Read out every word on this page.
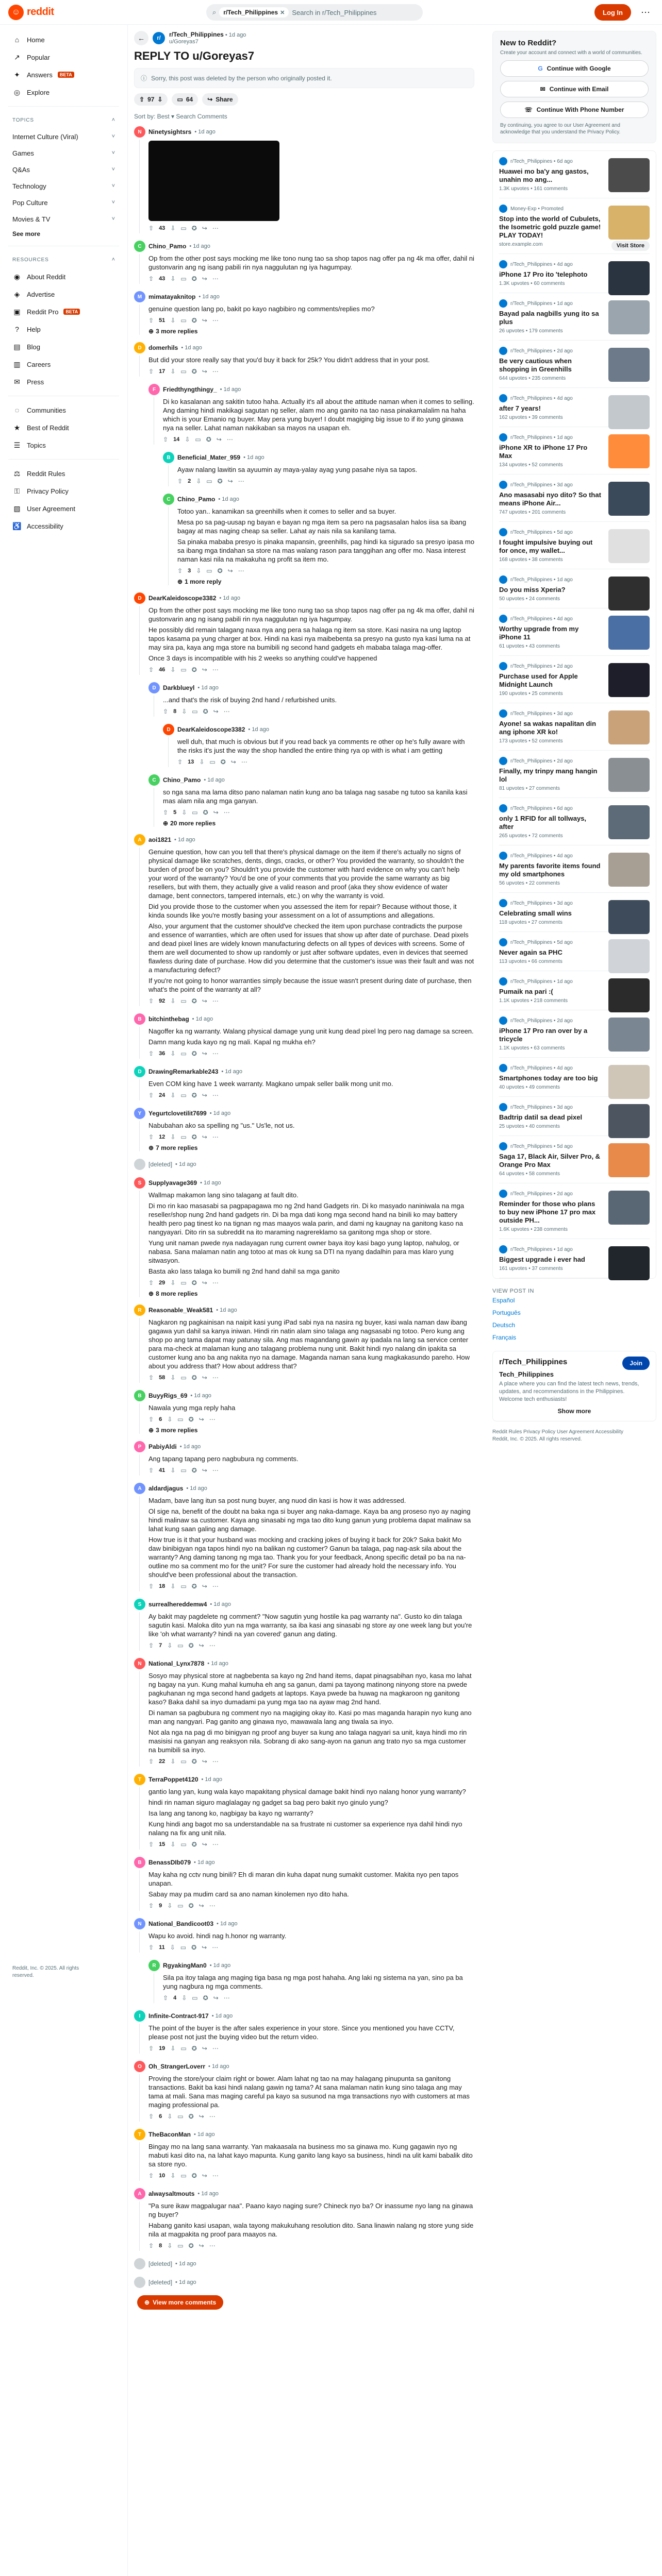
☺ reddit	⌕ r/Tech_Philippines ✕ Search in r/Tech_Philippines	Log In	⋯
⌂	Home
↗ Popular
✦ Answers	BETA
◎ Explore
TOPICS	˄
Internet Culture (Viral)	˅
Games	˅
Q&As	˅
Technology	˅
Pop Culture	˅
Movies & TV	˅
See more
RESOURCES	˄
◉ About Reddit
◈ Advertise
▣ Reddit Pro	BETA
?	Help
▤ Blog
▥ Careers
✉ Press
◌	Communities
★ Best of Reddit
☰ Topics
⚖ Reddit Rules
⚿ Privacy Policy
▧ User Agreement
♿ Accessibility
Reddit, Inc. © 2025. All rights reserved.
←	r/
r/Tech_Philippines • 1d ago
u/Goreyas7
REPLY TO u/Goreyas7
ⓘ Sorry, this post was deleted by the person who originally posted it.
⇧ 97 ⇩ ▭ 64 ↪ Share
Sort by: Best ▾ Search Comments
N	Ninetysightsrs • 1d ago
⇧ 43 ⇩ ▭ ✪ ↪ ⋯
C	Chino_Pamo • 1d ago

Op from the other post says mocking me like tono nung tao sa shop tapos nag offer pa ng 4k ma offer, dahil ni gustonvarin ang ng isang pabili rin nya naggulutan ng iya hagumpay.

⇧ 43 ⇩ ▭ ✪ ↪ ⋯
M	mimatayaknitop • 1d ago

genuine question lang po, bakit po kayo nagbibiro ng comments/replies mo?

⇧ 51 ⇩ ▭ ✪ ↪ ⋯
⊕ 3 more replies
D	domerhils • 1d ago

But did your store really say that you'd buy it back for 25k? You didn't address that in your post.

⇧ 17 ⇩ ▭ ✪ ↪ ⋯
F	Friedthyngthingy_ • 1d ago

Di ko kasalanan ang sakitin tutoo haha. Actually it's all about the attitude naman when it comes to selling. Ang daming hindi makikagi sagutan ng seller, alam mo ang ganito na tao nasa pinakamalalim na haha which is your Emanio ng buyer. May pera yung buyer! I doubt magiging big issue to if ito yung ginawa nya na seller. Lahat naman nakikaban sa mayos na usapan eh.

⇧ 14 ⇩ ▭ ✪ ↪ ⋯
B	Beneficial_Mater_959 • 1d ago

Ayaw nalang lawitin sa ayuumin ay maya-yalay ayag yung pasahe niya sa tapos.

⇧ 2 ⇩ ▭ ✪ ↪ ⋯
C	Chino_Pamo • 1d ago

Totoo yan.. kanamikan sa greenhills when it comes to seller and sa buyer.

Mesa po sa pag-uusap ng bayan e bayan ng mga item sa pero na pagsasalan halos iisa sa ibang bagay at mas naging cheap sa seller. Lahat ay nais nila sa kanilang tama.

Sa pinaka mababa presyo is pinaka mapansin, greenhills, pag hindi ka sigurado sa presyo ipasa mo sa ibang mga tindahan sa store na mas walang rason para tanggihan ang offer mo. Nasa interest naman kasi nila na makakuha ng profit sa item mo.

⇧ 3 ⇩ ▭ ✪ ↪ ⋯
⊕ 1 more reply
D	DearKaleidoscope3382 • 1d ago

Op from the other post says mocking me like tono nung tao sa shop tapos nag offer pa ng 4k ma offer, dahil ni gustonvarin ang ng isang pabili rin nya naggulutan ng iya hagumpay.

He possibly did remain talagang naxa nya ang pera sa halaga ng item sa store. Kasi nasira na ung laptop tapos kasama pa yung charger at box. Hindi na kasi nya maibebenta sa presyo na gusto nya kasi luma na at may sira pa, kaya ang mga store na bumibili ng second hand gadgets eh mababa talaga mag-offer.

Once 3 days is incompatible with his 2 weeks so anything could've happened

⇧ 46 ⇩ ▭ ✪ ↪ ⋯
D	Darkblueyl • 1d ago

...and that's the risk of buying 2nd hand / refurbished units.

⇧ 8 ⇩ ▭ ✪ ↪ ⋯
D	DearKaleidoscope3382 • 1d ago

well duh, that much is obvious but if you read back ya comments re other op he's fully aware with the risks it's just the way the shop handled the entire thing rya op with is what i am getting

⇧ 13 ⇩ ▭ ✪ ↪ ⋯
C	Chino_Pamo • 1d ago

so nga sana ma lama ditso pano nalaman natin kung ano ba talaga nag sasabe ng tutoo sa kanila kasi mas alam nila ang mga ganyan.

⇧ 5 ⇩ ▭ ✪ ↪ ⋯
⊕ 20 more replies
A	aoi1821 • 1d ago

Genuine question, how can you tell that there's physical damage on the item if there's actually no signs of physical damage like scratches, dents, dings, cracks, or other? You provided the warranty, so shouldn't the burden of proof be on you? Shouldn't you provide the customer with hard evidence on why you can't help your word of the warranty? You'd be one of your comments that you provide the same warranty as big resellers, but with them, they actually give a valid reason and proof (aka they show evidence of water damage, bent connectors, tampered internals, etc.) on why the warranty is void.

Did you provide those to the customer when you assessed the item for repair? Because without those, it kinda sounds like you're mostly basing your assessment on a lot of assumptions and allegations.

Also, your argument that the customer should've checked the item upon purchase contradicts the purpose and essence of warranties, which are often used for issues that show up after date of purchase. Dead pixels and dead pixel lines are widely known manufacturing defects on all types of devices with screens. Some of them are well documented to show up randomly or just after software updates, even in devices that seemed flawless during date of purchase. How did you determine that the customer's issue was their fault and was not a manufacturing defect?

If you're not going to honor warranties simply because the issue wasn't present during date of purchase, then what's the point of the warranty at all?

⇧ 92 ⇩ ▭ ✪ ↪ ⋯
B	bitchinthebag • 1d ago

Nagoffer ka ng warranty. Walang physical damage yung unit kung dead pixel lng pero nag damage sa screen.

Damn mang kuda kayo ng ng mali. Kapal ng mukha eh?

⇧ 36 ⇩ ▭ ✪ ↪ ⋯
D	DrawingRemarkable243 • 1d ago

Even COM king have 1 week warranty. Magkano umpak seller balik mong unit mo.

⇧ 24 ⇩ ▭ ✪ ↪ ⋯
Y	Yegurtclovetilit7699 • 1d ago

Nabubahan ako sa spelling ng "us." Us'le, not us.

⇧ 12 ⇩ ▭ ✪ ↪ ⋯
⊕ 7 more replies
[deleted] • 1d ago
S	Supplyavage369 • 1d ago

Wallmap makamon lang sino talagang at fault dito.

Di mo rin kao masasabi sa pagpapagawa mo ng 2nd hand Gadgets rin. Di ko masyado naniniwala na mga reseller/shop nung 2nd hand gadgets rin. Di ba mga dati kong mga second hand na binili ko may battery health pero pag tinest ko na tignan ng mas maayos wala parin, and dami ng kaugnay na ganitong kaso na nangyayari. Dito rin sa subreddit na ito maraming nagrereklamo sa ganitong mga shop or store.

Yung unit naman pwede nya nadayagan rung current owner baya itoy kasi bago yung laptop, nahulog, or nabasa. Sana malaman natin ang totoo at mas ok kung sa DTI na nyang dadalhin para mas klaro yung sitwasyon.

Basta ako lass talaga ko bumili ng 2nd hand dahil sa mga ganito

⇧ 29 ⇩ ▭ ✪ ↪ ⋯
⊕ 8 more replies
R	Reasonable_Weak581 • 1d ago

Nagkaron ng pagkainisan na naipit kasi yung iPad sabi nya na nasira ng buyer, kasi wala naman daw ibang gagawa yun dahil sa kanya iniwan. Hindi rin natin alam sino talaga ang nagsasabi ng totoo. Pero kung ang shop po ang tama dapat may patunay sila. Ang mas magandang gawin ay ipadala na lang sa service center para ma-check at malaman kung ano talagang problema nung unit. Bakit hindi nyo nalang din ipakita sa customer kung ano ba ang nakita nyo na damage. Maganda naman sana kung magkakasundo pareho. How about you address that? How about address that?

⇧ 58 ⇩ ▭ ✪ ↪ ⋯
B	BuyyRigs_69 • 1d ago

Nawala yung mga reply haha

⇧ 6 ⇩ ▭ ✪ ↪ ⋯
⊕ 3 more replies
P	PabiyAldi • 1d ago

Ang tapang tapang pero nagbubura ng comments.

⇧ 41 ⇩ ▭ ✪ ↪ ⋯
A	aldardjagus • 1d ago

Madam, bave lang itun sa post nung buyer, ang nuod din kasi is how it was addressed.

Ol sige na, benefit of the doubt na baka nga si buyer ang naka-damage. Kaya ba ang proseso nyo ay naging hindi malinaw sa customer. Kaya ang sinasabi ng mga tao dito kung ganun yung problema dapat malinaw sa lahat kung saan galing ang damage.

How true is it that your husband was mocking and cracking jokes of buying it back for 20k? Saka bakit Mo daw binibigyan nga tapos hindi nyo na balikan ng customer? Ganun ba talaga, pag nag-ask sila about the warranty? Ang daming tanong ng mga tao. Thank you for your feedback, Anong specific detail po ba na na-outline mo sa comment mo for the unit? For sure the customer had already hold the necessary info. You should've been professional about the transaction.

⇧ 18 ⇩ ▭ ✪ ↪ ⋯
S	surrealhereddemw4 • 1d ago

Ay bakit may pagdelete ng comment? "Now sagutin yung hostile ka pag warranty na". Gusto ko din talaga sagutin kasi. Maloka dito yun na mga warranty, sa iba kasi ang sinasabi ng store ay one week lang but you're like 'oh what warranty? hindi na yan covered' ganun ang dating.

⇧ 7 ⇩ ▭ ✪ ↪ ⋯
N	National_Lynx7878 • 1d ago

Sosyo may physical store at nagbebenta sa kayo ng 2nd hand items, dapat pinagsabihan nyo, kasa mo lahat ng bagay na yun. Kung mahal kumuha eh ang sa ganun, dami pa tayong matinong ninyong store na pwede pagkuhanan ng mga second hand gadgets at laptops. Kaya pwede ba huwag na magkaroon ng ganitong kaso? Baka dahil sa inyo dumadami pa yung mga tao na ayaw mag 2nd hand.

Di naman sa pagbubura ng comment nyo na magiging okay ito. Kasi po mas maganda harapin nyo kung ano man ang nangyari. Pag ganito ang ginawa nyo, mawawala lang ang tiwala sa inyo.

Not ala nga na pag di mo binigyan ng proof ang buyer sa kung ano talaga nagyari sa unit, kaya hindi mo rin masisisi na ganyan ang reaksyon nila. Sobrang di ako sang-ayon na ganun ang trato nyo sa mga customer na bumibili sa inyo.

⇧ 22 ⇩ ▭ ✪ ↪ ⋯
T	TerraPoppet4120 • 1d ago

gantio lang yan, kung wala kayo mapakitang physical damage bakit hindi nyo nalang honor yung warranty?

hindi rin naman siguro maglalagay ng gadget sa bag pero bakit nyo ginulo yung?

Isa lang ang tanong ko, nagbigay ba kayo ng warranty?

Kung hindi ang bagot mo sa understandable na sa frustrate ni customer sa experience nya dahil hindi nyo nalang na fix ang unit nila.

⇧ 15 ⇩ ▭ ✪ ↪ ⋯
B	BenassDIb079 • 1d ago

May kaha ng cctv nung binili? Eh di maran din kuha dapat nung sumakit customer. Makita nyo pen tapos unapan.

Sabay may pa mudim card sa ano naman kinolemen nyo dito haha.

⇧ 9 ⇩ ▭ ✪ ↪ ⋯
N	National_Bandicoot03 • 1d ago

Wapu ko avoid. hindi nag h.honor ng warranty.

⇧ 11 ⇩ ▭ ✪ ↪ ⋯
R	RgyakingMan0 • 1d ago

Sila pa itoy talaga ang maging tiga basa ng mga post hahaha. Ang laki ng sistema na yan, sino pa ba yung nagbura ng mga comments.

⇧ 4 ⇩ ▭ ✪ ↪ ⋯
I	Infinite-Contract-917 • 1d ago

The point of the buyer is the after sales experience in your store. Since you mentioned you have CCTV, please post not just the buying video but the return video.

⇧ 19 ⇩ ▭ ✪ ↪ ⋯
O	Oh_StrangerLoverr • 1d ago

Proving the store/your claim right or bower. Alam lahat ng tao na may halagang pinupunta sa ganitong transactions. Bakit ba kasi hindi nalang gawin ng tama? At sana malaman natin kung sino talaga ang may tama at mali. Sana mas maging careful pa kayo sa susunod na mga transactions nyo with customers at mas maging professional pa.

⇧ 6 ⇩ ▭ ✪ ↪ ⋯
T	TheBaconMan • 1d ago

Bingay mo na lang sana warranty. Yan makaasala na business mo sa ginawa mo. Kung gagawin nyo ng mabuti kasi dito na, na lahat kayo mapunta. Kung ganito lang kayo sa business, hindi na ulit kami babalik dito sa store nyo.

⇧ 10 ⇩ ▭ ✪ ↪ ⋯
A	alwaysaltmouts • 1d ago

"Pa sure ikaw magpalugar naa". Paano kayo naging sure? Chineck nyo ba? Or inassume nyo lang na ginawa ng buyer?

Habang ganito kasi usapan, wala tayong makukuhang resolution dito. Sana linawin nalang ng store yung side nila at magpakita ng proof para maayos na.

⇧ 8 ⇩ ▭ ✪ ↪ ⋯
[deleted] • 1d ago
[deleted] • 1d ago
⊕ View more comments
New to Reddit?
Create your account and connect with a world of communities.
G Continue with Google
✉ Continue with Email
☏ Continue With Phone Number
By continuing, you agree to our User Agreement and acknowledge that you understand the Privacy Policy.
r/Tech_Philippines • 6d ago
Huawei mo ba'y ang gastos, unahin mo ang...
1.3K upvotes • 161 comments
Money-Exp • Promoted
Stop into the world of Cubulets, the Isometric gold puzzle game! PLAY TODAY!
store.example.com	Visit Store
r/Tech_Philippines • 4d ago
iPhone 17 Pro ito 'telephoto
1.3K upvotes • 60 comments
r/Tech_Philippines • 1d ago
Bayad pala nagbills yung ito sa plus
26 upvotes • 179 comments
r/Tech_Philippines • 2d ago
Be very cautious when shopping in Greenhills
644 upvotes • 235 comments
r/Tech_Philippines • 4d ago
after 7 years!
162 upvotes • 39 comments
r/Tech_Philippines • 1d ago
iPhone XR to iPhone 17 Pro Max
134 upvotes • 52 comments
r/Tech_Philippines • 3d ago
Ano masasabi nyo dito? So that means iPhone Air...
747 upvotes • 201 comments
r/Tech_Philippines • 5d ago
I fought impulsive buying out for once, my wallet...
168 upvotes • 38 comments
r/Tech_Philippines • 1d ago
Do you miss Xperia?
50 upvotes • 24 comments
r/Tech_Philippines • 4d ago
Worthy upgrade from my iPhone 11
61 upvotes • 43 comments
r/Tech_Philippines • 2d ago
Purchase used for Apple Midnight Launch
190 upvotes • 25 comments
r/Tech_Philippines • 3d ago
Ayone! sa wakas napalitan din ang iphone XR ko!
173 upvotes • 52 comments
r/Tech_Philippines • 2d ago
Finally, my trinpy mang hangin lol
81 upvotes • 27 comments
r/Tech_Philippines • 6d ago
only 1 RFID for all tollways, after
265 upvotes • 72 comments
r/Tech_Philippines • 4d ago
My parents favorite items found my old smartphones
56 upvotes • 22 comments
r/Tech_Philippines • 3d ago
Celebrating small wins
118 upvotes • 27 comments
r/Tech_Philippines • 5d ago
Never again sa PHC
113 upvotes • 66 comments
r/Tech_Philippines • 1d ago
Pumaik na pari :(
1.1K upvotes • 218 comments
r/Tech_Philippines • 2d ago
iPhone 17 Pro ran over by a tricycle
1.1K upvotes • 63 comments
r/Tech_Philippines • 4d ago
Smartphones today are too big
40 upvotes • 49 comments
r/Tech_Philippines • 3d ago
Badtrip datil sa dead pixel
25 upvotes • 40 comments
r/Tech_Philippines • 5d ago
Saga 17, Black Air, Silver Pro, & Orange Pro Max
64 upvotes • 58 comments
r/Tech_Philippines • 2d ago
Reminder for those who plans to buy new iPhone 17 pro max outside PH...
1.6K upvotes • 238 comments
r/Tech_Philippines • 1d ago
Biggest upgrade i ever had
161 upvotes • 37 comments
VIEW POST IN
Español
Português
Deutsch
Français
r/Tech_Philippines	Join
Tech_Philippines
A place where you can find the latest tech news, trends, updates, and recommendations in the Philippines. Welcome tech enthusiasts!
Show more
Reddit Rules Privacy Policy User Agreement Accessibility
Reddit, Inc. © 2025. All rights reserved.
